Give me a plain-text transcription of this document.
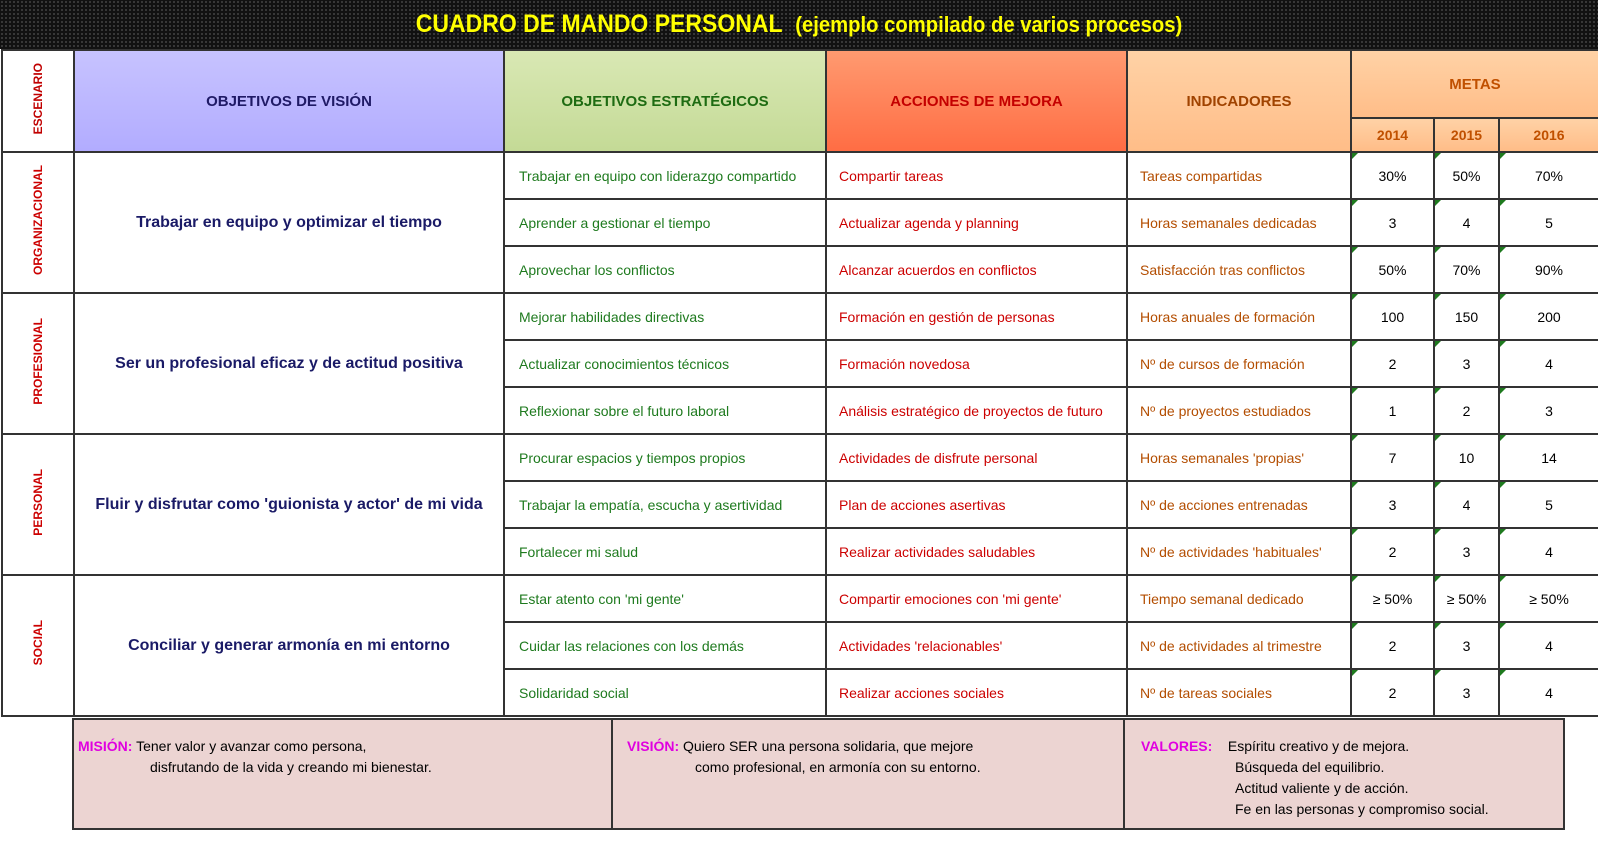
CUADRO DE MANDO PERSONAL (ejemplo compilado de varios procesos)
ESCENARIO	OBJETIVOS DE VISIÓN	OBJETIVOS ESTRATÉGICOS	ACCIONES DE MEJORA	INDICADORES	METAS		
					2014	2015	2016
ORGANIZACIONAL	Trabajar en equipo y optimizar el tiempo	Trabajar en equipo con liderazgo compartido	Compartir tareas	Tareas compartidas	30%	50%	70%
		Aprender a gestionar el tiempo	Actualizar agenda y planning	Horas semanales dedicadas	3	4	5
		Aprovechar los conflictos	Alcanzar acuerdos en conflictos	Satisfacción tras conflictos	50%	70%	90%
PROFESIONAL	Ser un profesional eficaz y de actitud positiva	Mejorar habilidades directivas	Formación en gestión de personas	Horas anuales de formación	100	150	200
		Actualizar conocimientos técnicos	Formación novedosa	Nº de cursos de formación	2	3	4
		Reflexionar sobre el futuro laboral	Análisis estratégico de proyectos de futuro	Nº de proyectos estudiados	1	2	3
PERSONAL	Fluir y disfrutar como 'guionista y actor' de mi vida	Procurar espacios y tiempos propios	Actividades de disfrute personal	Horas semanales 'propias'	7	10	14
		Trabajar la empatía, escucha y asertividad	Plan de acciones asertivas	Nº de acciones entrenadas	3	4	5
		Fortalecer mi salud	Realizar actividades saludables	Nº de actividades 'habituales'	2	3	4
SOCIAL	Conciliar y generar armonía en mi entorno	Estar atento con 'mi gente'	Compartir emociones con 'mi gente'	Tiempo semanal dedicado	≥ 50%	≥ 50%	≥ 50%
		Cuidar las relaciones con los demás	Actividades 'relacionables'	Nº de actividades al trimestre	2	3	4
		Solidaridad social	Realizar acciones sociales	Nº de tareas sociales	2	3	4
MISIÓN: Tener valor y avanzar como persona,
disfrutando de la vida y creando mi bienestar.
VISIÓN: Quiero SER una persona solidaria, que mejore
como profesional, en armonía con su entorno.
VALORES: Espíritu creativo y de mejora.
Búsqueda del equilibrio.
Actitud valiente y de acción.
Fe en las personas y compromiso social.
